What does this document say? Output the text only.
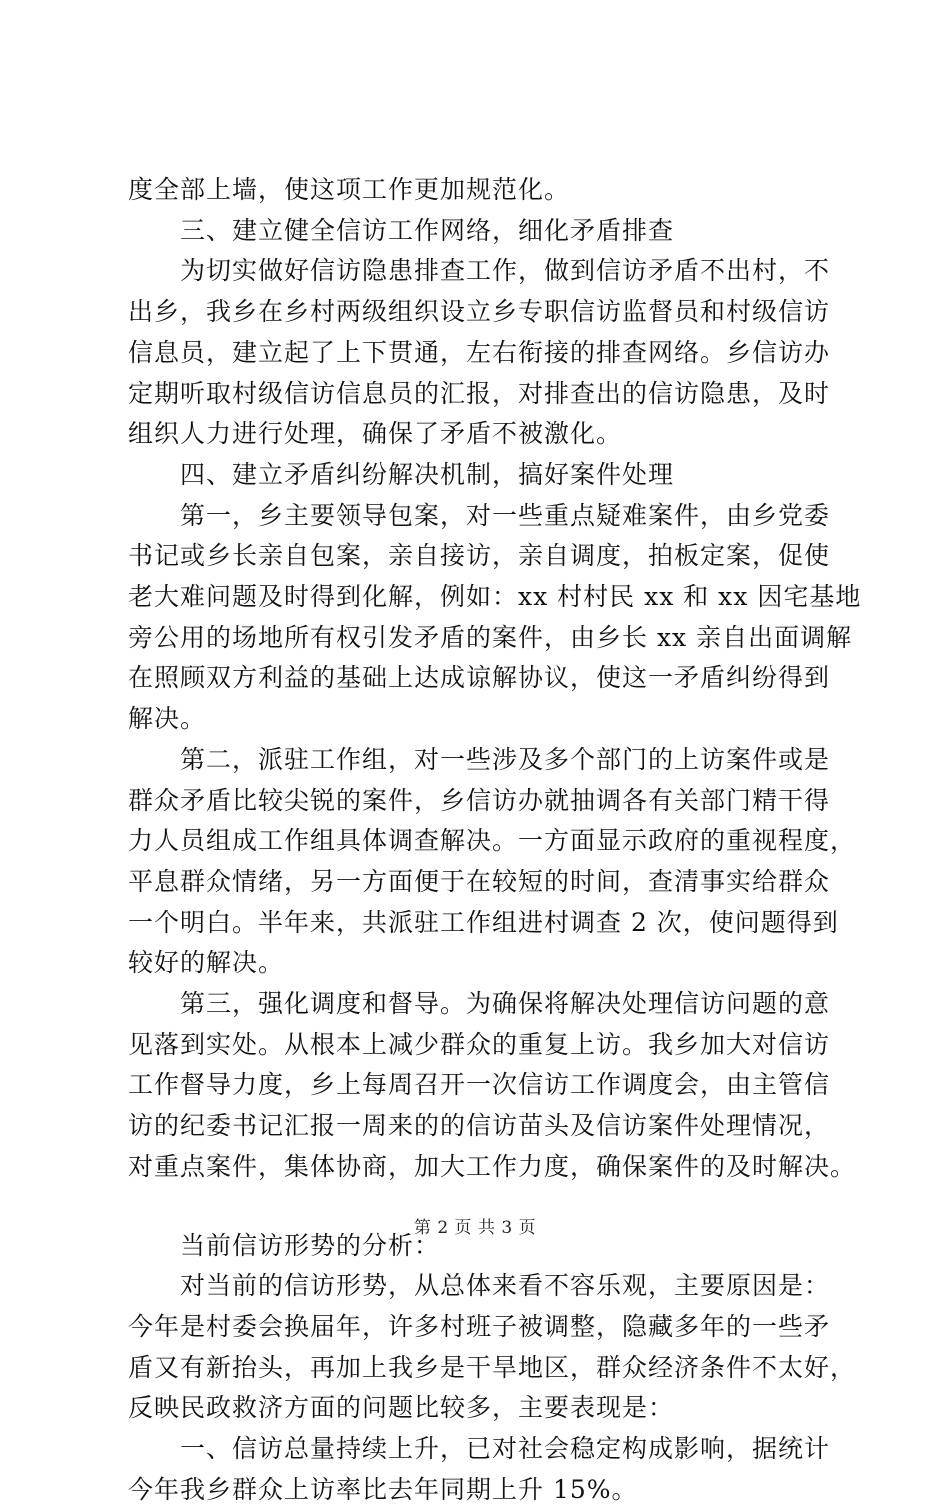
度全部上墙，使这项工作更加规范化。

三、建立健全信访工作网络，细化矛盾排查

为切实做好信访隐患排查工作，做到信访矛盾不出村，不

出乡，我乡在乡村两级组织设立乡专职信访监督员和村级信访

信息员，建立起了上下贯通，左右衔接的排查网络。乡信访办

定期听取村级信访信息员的汇报，对排查出的信访隐患，及时

组织人力进行处理，确保了矛盾不被激化。

四、建立矛盾纠纷解决机制，搞好案件处理

第一，乡主要领导包案，对一些重点疑难案件，由乡党委

书记或乡长亲自包案，亲自接访，亲自调度，拍板定案，促使

老大难问题及时得到化解，例如：xx 村村民 xx 和 xx 因宅基地

旁公用的场地所有权引发矛盾的案件，由乡长 xx 亲自出面调解

在照顾双方利益的基础上达成谅解协议，使这一矛盾纠纷得到

解决。

第二，派驻工作组，对一些涉及多个部门的上访案件或是

群众矛盾比较尖锐的案件，乡信访办就抽调各有关部门精干得

力人员组成工作组具体调查解决。一方面显示政府的重视程度，

平息群众情绪，另一方面便于在较短的时间，查清事实给群众

一个明白。半年来，共派驻工作组进村调查 2 次，使问题得到

较好的解决。

第三，强化调度和督导。为确保将解决处理信访问题的意

见落到实处。从根本上减少群众的重复上访。我乡加大对信访

工作督导力度，乡上每周召开一次信访工作调度会，由主管信

访的纪委书记汇报一周来的的信访苗头及信访案件处理情况，

对重点案件，集体协商，加大工作力度，确保案件的及时解决。

当前信访形势的分析：

对当前的信访形势，从总体来看不容乐观，主要原因是：

今年是村委会换届年，许多村班子被调整，隐藏多年的一些矛

盾又有新抬头，再加上我乡是干旱地区，群众经济条件不太好，

反映民政救济方面的问题比较多，主要表现是：

一、信访总量持续上升，已对社会稳定构成影响，据统计

今年我乡群众上访率比去年同期上升 15%。

第 2 页 共 3 页
